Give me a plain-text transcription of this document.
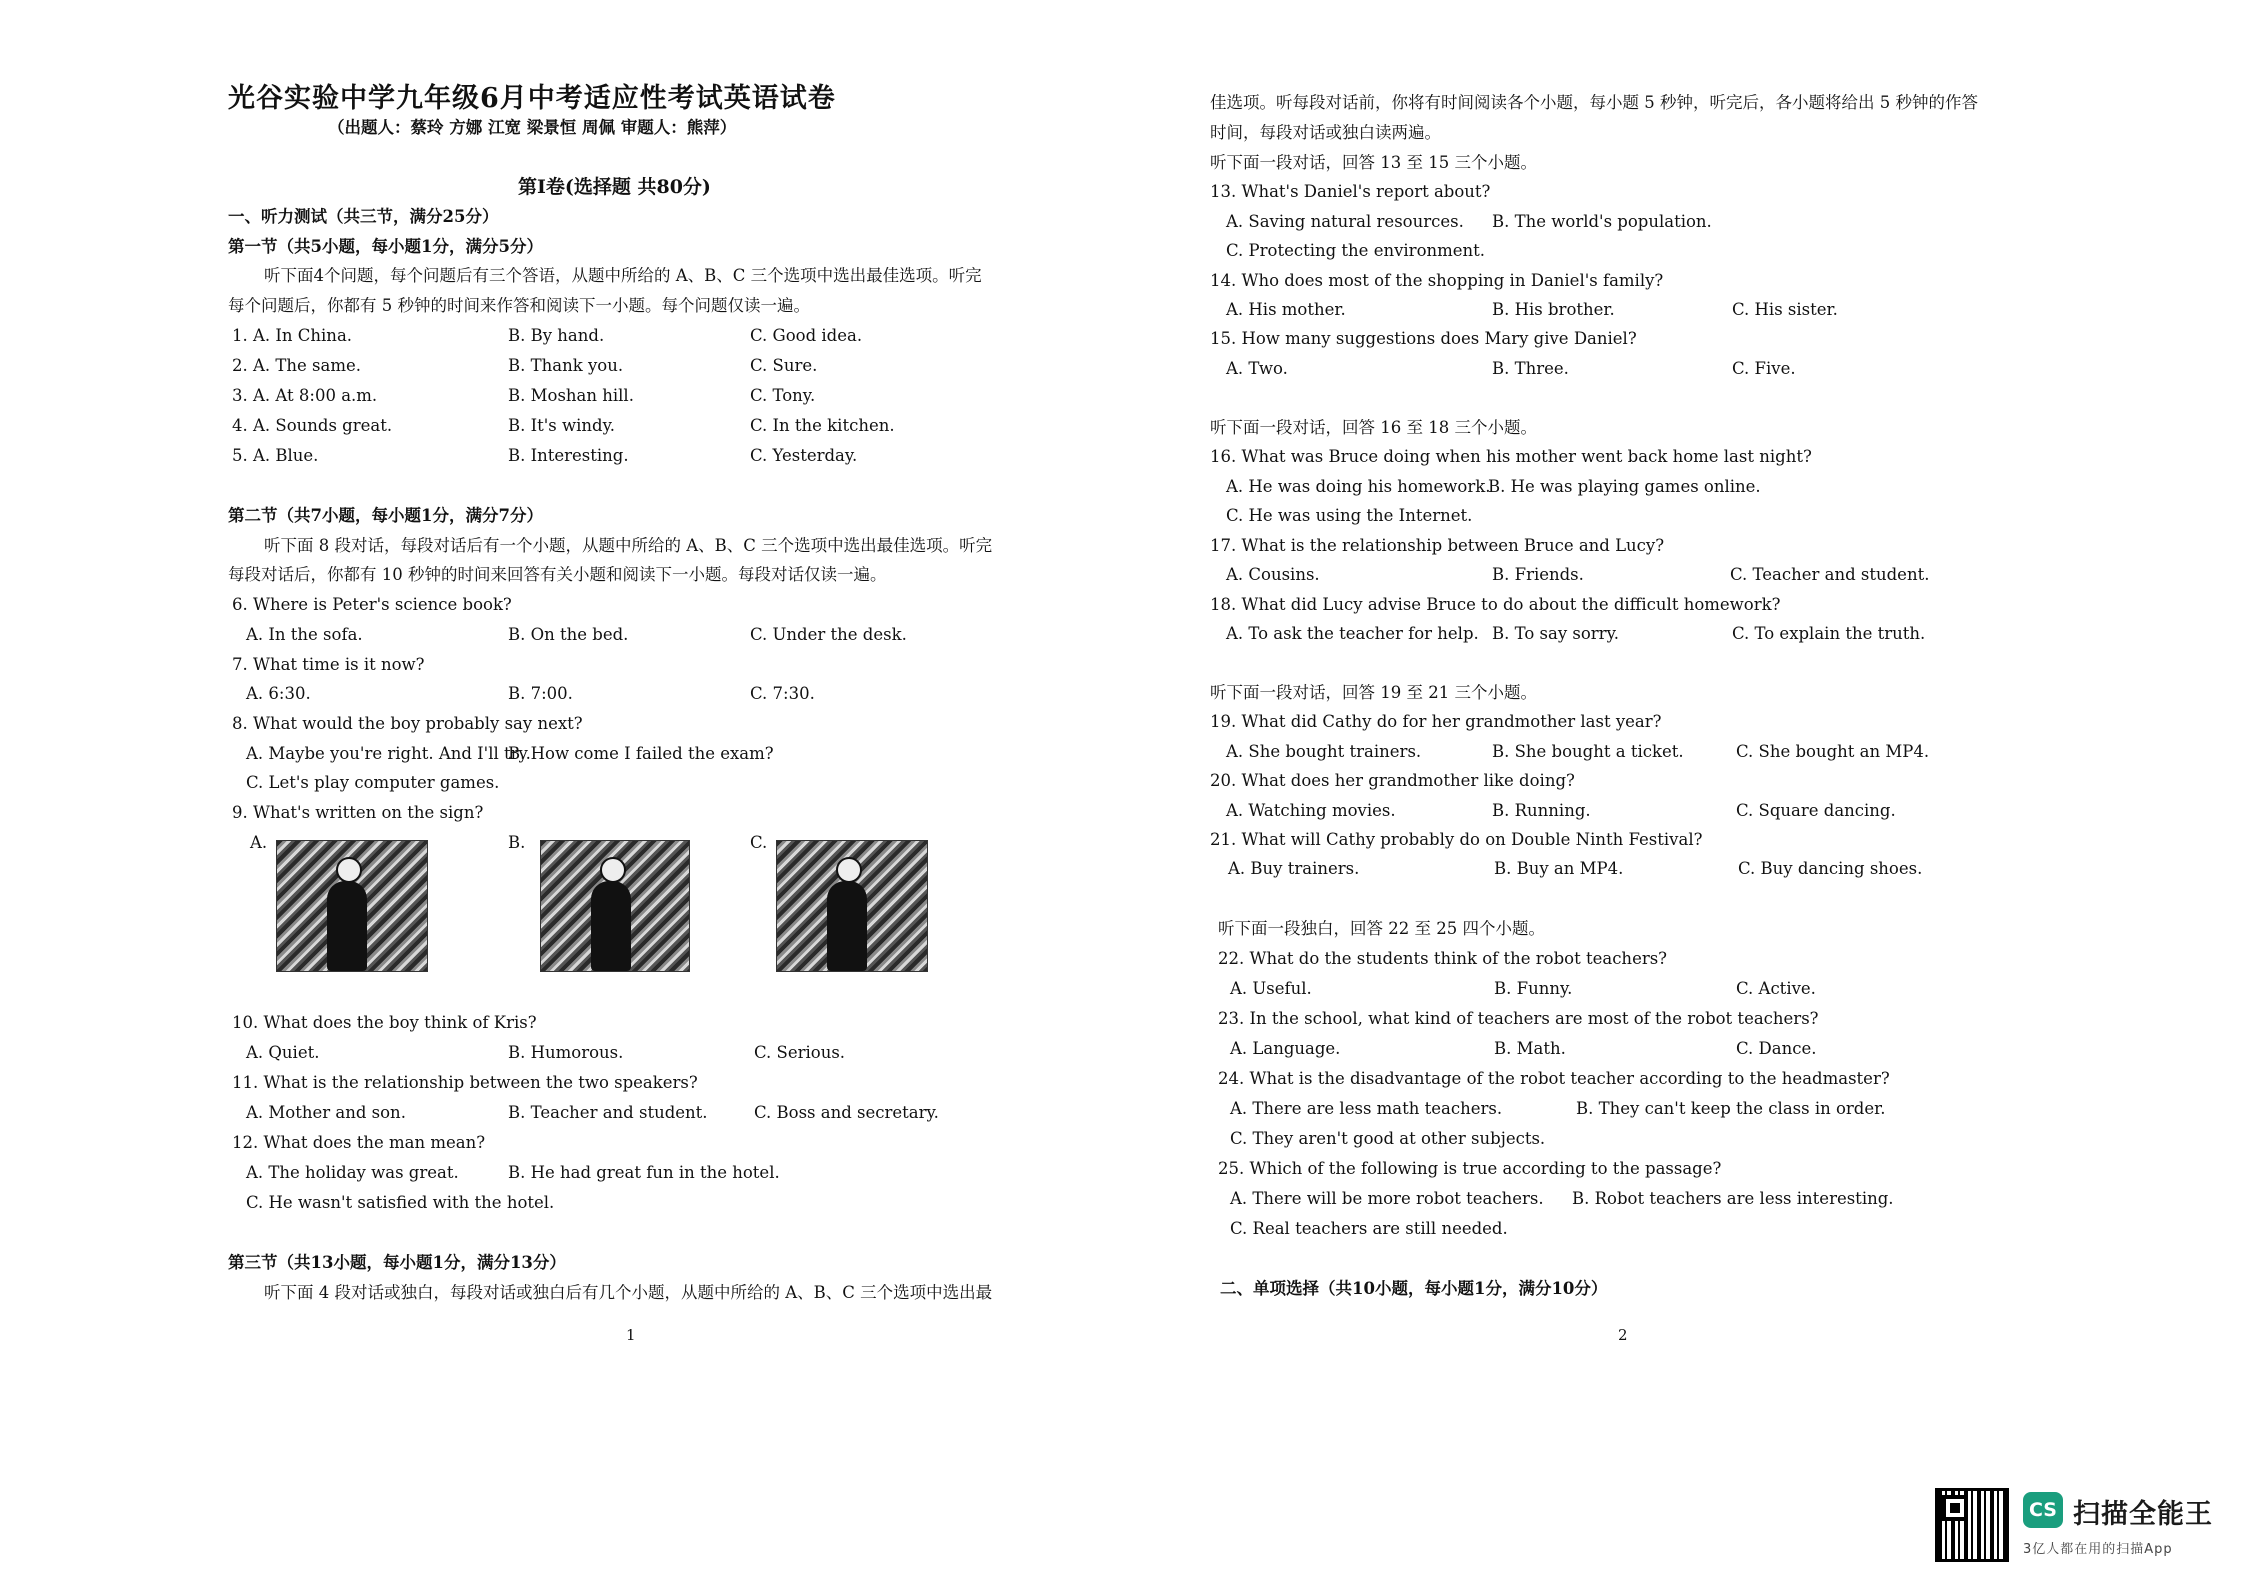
光谷实验中学九年级6月中考适应性考试英语试卷
（出题人：蔡玲 方娜 江宽 梁景恒 周佩 审题人：熊萍）
第Ⅰ卷(选择题 共80分)
一、听力测试（共三节，满分25分）
第一节（共5小题，每小题1分，满分5分）
听下面4个问题，每个问题后有三个答语，从题中所给的 A、B、C 三个选项中选出最佳选项。听完
每个问题后，你都有 5 秒钟的时间来作答和阅读下一小题。每个问题仅读一遍。
1. A. In China.	B. By hand.	C. Good idea.
2. A. The same.	B. Thank you.	C. Sure.
3. A. At 8:00 a.m.	B. Moshan hill.	C. Tony.
4. A. Sounds great.	B. It's windy.	C. In the kitchen.
5. A. Blue.	B. Interesting.	C. Yesterday.
第二节（共7小题，每小题1分，满分7分）
听下面 8 段对话，每段对话后有一个小题，从题中所给的 A、B、C 三个选项中选出最佳选项。听完
每段对话后，你都有 10 秒钟的时间来回答有关小题和阅读下一小题。每段对话仅读一遍。
6. Where is Peter's science book?
A. In the sofa.	B. On the bed.	C. Under the desk.
7. What time is it now?
A. 6:30.	B. 7:00.	C. 7:30.
8. What would the boy probably say next?
A. Maybe you're right. And I'll try.
B. How come I failed the exam?
C. Let's play computer games.
9. What's written on the sign?
A.	B.	C.
10. What does the boy think of Kris?
A. Quiet.	B. Humorous.	C. Serious.
11. What is the relationship between the two speakers?
A. Mother and son.	B. Teacher and student.	C. Boss and secretary.
12. What does the man mean?
A. The holiday was great.	B. He had great fun in the hotel.
C. He wasn't satisfied with the hotel.
第三节（共13小题，每小题1分，满分13分）
听下面 4 段对话或独白，每段对话或独白后有几个小题，从题中所给的 A、B、C 三个选项中选出最
1
佳选项。听每段对话前，你将有时间阅读各个小题，每小题 5 秒钟，听完后，各小题将给出 5 秒钟的作答
时间，每段对话或独白读两遍。
听下面一段对话，回答 13 至 15 三个小题。
13. What's Daniel's report about?
A. Saving natural resources. B. The world's population.
C. Protecting the environment.
14. Who does most of the shopping in Daniel's family?
A. His mother.	B. His brother.	C. His sister.
15. How many suggestions does Mary give Daniel?
A. Two.	B. Three.	C. Five.
听下面一段对话，回答 16 至 18 三个小题。
16. What was Bruce doing when his mother went back home last night?
A. He was doing his homework.
B. He was playing games online.
C. He was using the Internet.
17. What is the relationship between Bruce and Lucy?
A. Cousins.	B. Friends.	C. Teacher and student.
18. What did Lucy advise Bruce to do about the difficult homework?
A. To ask the teacher for help. B. To say sorry.	C. To explain the truth.
听下面一段对话，回答 19 至 21 三个小题。
19. What did Cathy do for her grandmother last year?
A. She bought trainers.	B. She bought a ticket.	C. She bought an MP4.
20. What does her grandmother like doing?
A. Watching movies.	B. Running.	C. Square dancing.
21. What will Cathy probably do on Double Ninth Festival?
A. Buy trainers.	B. Buy an MP4.	C. Buy dancing shoes.
听下面一段独白，回答 22 至 25 四个小题。
22. What do the students think of the robot teachers?
A. Useful.	B. Funny.	C. Active.
23. In the school, what kind of teachers are most of the robot teachers?
A. Language.	B. Math.	C. Dance.
24. What is the disadvantage of the robot teacher according to the headmaster?
A. There are less math teachers.	B. They can't keep the class in order.
C. They aren't good at other subjects.
25. Which of the following is true according to the passage?
A. There will be more robot teachers. B. Robot teachers are less interesting.
C. Real teachers are still needed.
二、单项选择（共10小题，每小题1分，满分10分）
2
CS 扫描全能王
3亿人都在用的扫描App
